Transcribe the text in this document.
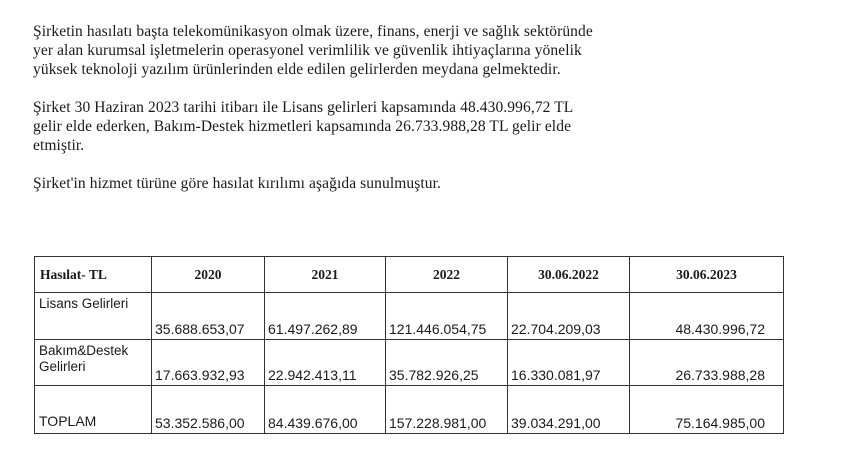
Şirketin hasılatı başta telekomünikasyon olmak üzere, finans, enerji ve sağlık sektöründe
yer alan kurumsal işletmelerin operasyonel verimlilik ve güvenlik ihtiyaçlarına yönelik
yüksek teknoloji yazılım ürünlerinden elde edilen gelirlerden meydana gelmektedir.

Şirket 30 Haziran 2023 tarihi itibarı ile Lisans gelirleri kapsamında 48.430.996,72 TL
gelir elde ederken, Bakım-Destek hizmetleri kapsamında 26.733.988,28 TL gelir elde
etmiştir.

Şirket'in hizmet türüne göre hasılat kırılımı aşağıda sunulmuştur.

Hasılat- TL	2020	2021	2022	30.06.2022	30.06.2023
Lisans Gelirleri	35.688.653,07	61.497.262,89	121.446.054,75	22.704.209,03	48.430.996,72
Bakım&Destek
Gelirleri	17.663.932,93	22.942.413,11	35.782.926,25	16.330.081,97	26.733.988,28
TOPLAM	53.352.586,00	84.439.676,00	157.228.981,00	39.034.291,00	75.164.985,00
